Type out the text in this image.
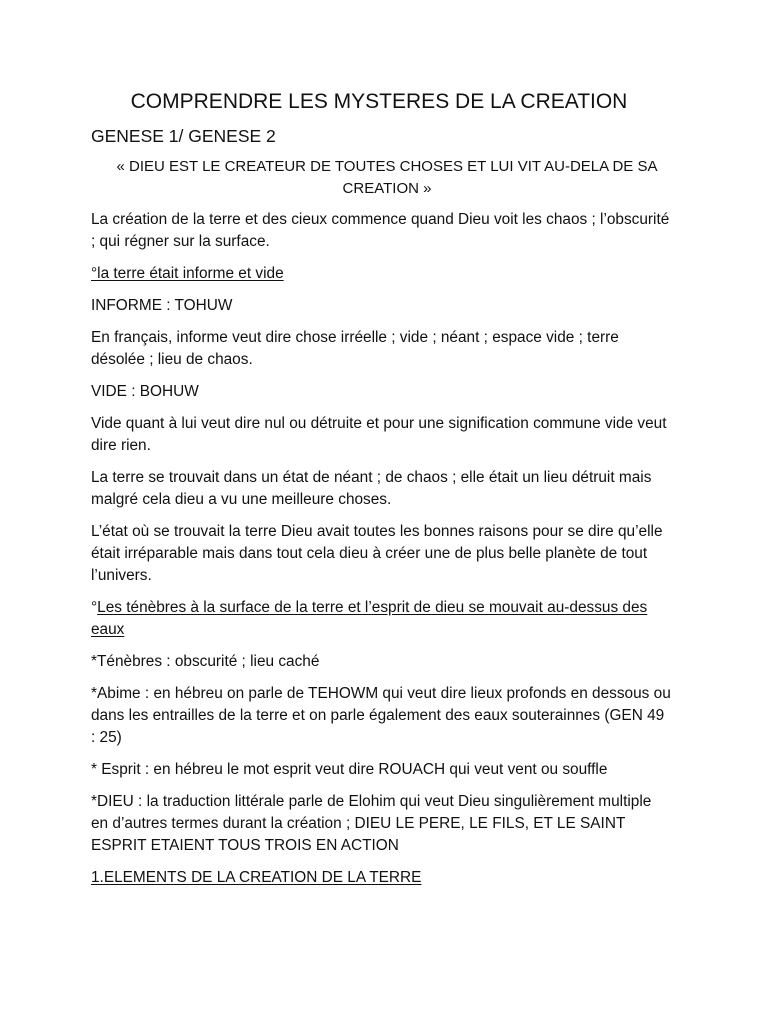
COMPRENDRE LES MYSTERES DE LA CREATION
GENESE 1/ GENESE 2
« DIEU EST LE CREATEUR DE TOUTES CHOSES ET LUI VIT AU-DELA DE SA CREATION »
La création de la terre et des cieux commence quand Dieu voit les chaos ; l’obscurité ; qui régner sur la surface.
°la terre était informe et vide
INFORME : TOHUW
En français, informe veut dire chose irréelle ; vide ; néant ; espace vide ; terre désolée ; lieu de chaos.
VIDE : BOHUW
Vide quant à lui veut dire nul ou détruite et pour une signification commune vide veut dire rien.
La terre se trouvait dans un état de néant ; de chaos ; elle était un lieu détruit mais malgré cela dieu a vu une meilleure choses.
L’état où se trouvait la terre Dieu avait toutes les bonnes raisons pour se dire qu’elle était irréparable mais dans tout cela dieu à créer une de plus belle planète de tout l’univers.
°Les ténèbres à la surface de la terre et l’esprit de dieu se mouvait au-dessus des eaux
*Ténèbres : obscurité ; lieu caché
*Abime : en hébreu on parle de TEHOWM qui veut dire lieux profonds en dessous ou dans les entrailles de la terre et on parle également des eaux souterainnes (GEN 49 : 25)
* Esprit : en hébreu le mot esprit veut dire ROUACH qui veut vent ou souffle
*DIEU : la traduction littérale parle de Elohim qui veut Dieu singulièrement multiple en d’autres termes durant la création ; DIEU LE PERE, LE FILS, ET LE SAINT ESPRIT ETAIENT TOUS TROIS EN ACTION
1.ELEMENTS DE LA CREATION DE LA TERRE
